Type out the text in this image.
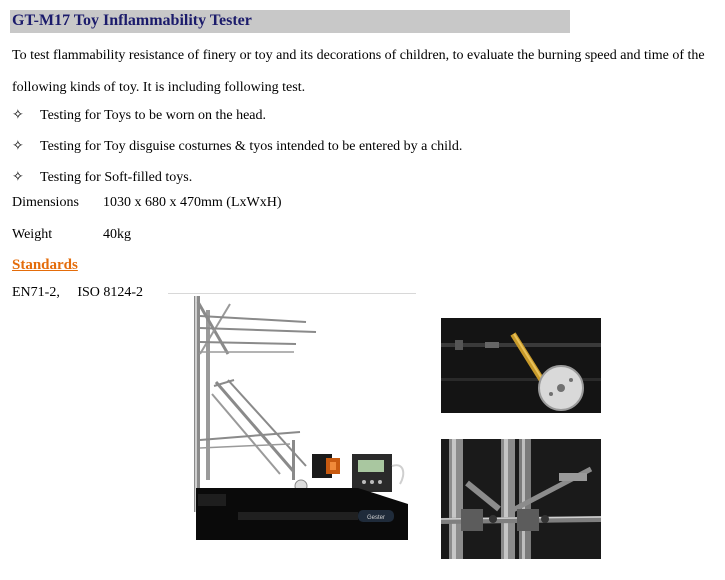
GT-M17 Toy Inflammability Tester
To test flammability resistance of finery or toy and its decorations of children, to evaluate the burning speed and time of the following kinds of toy. It is including following test.
✧	Testing for Toys to be worn on the head.
✧	Testing for Toy disguise costurnes & tyos intended to be entered by a child.
✧	Testing for Soft-filled toys.
Dimensions 1030 x 680 x 470mm (LxWxH)
Weight	40kg
Standards
EN71-2, ISO 8124-2
Gester
